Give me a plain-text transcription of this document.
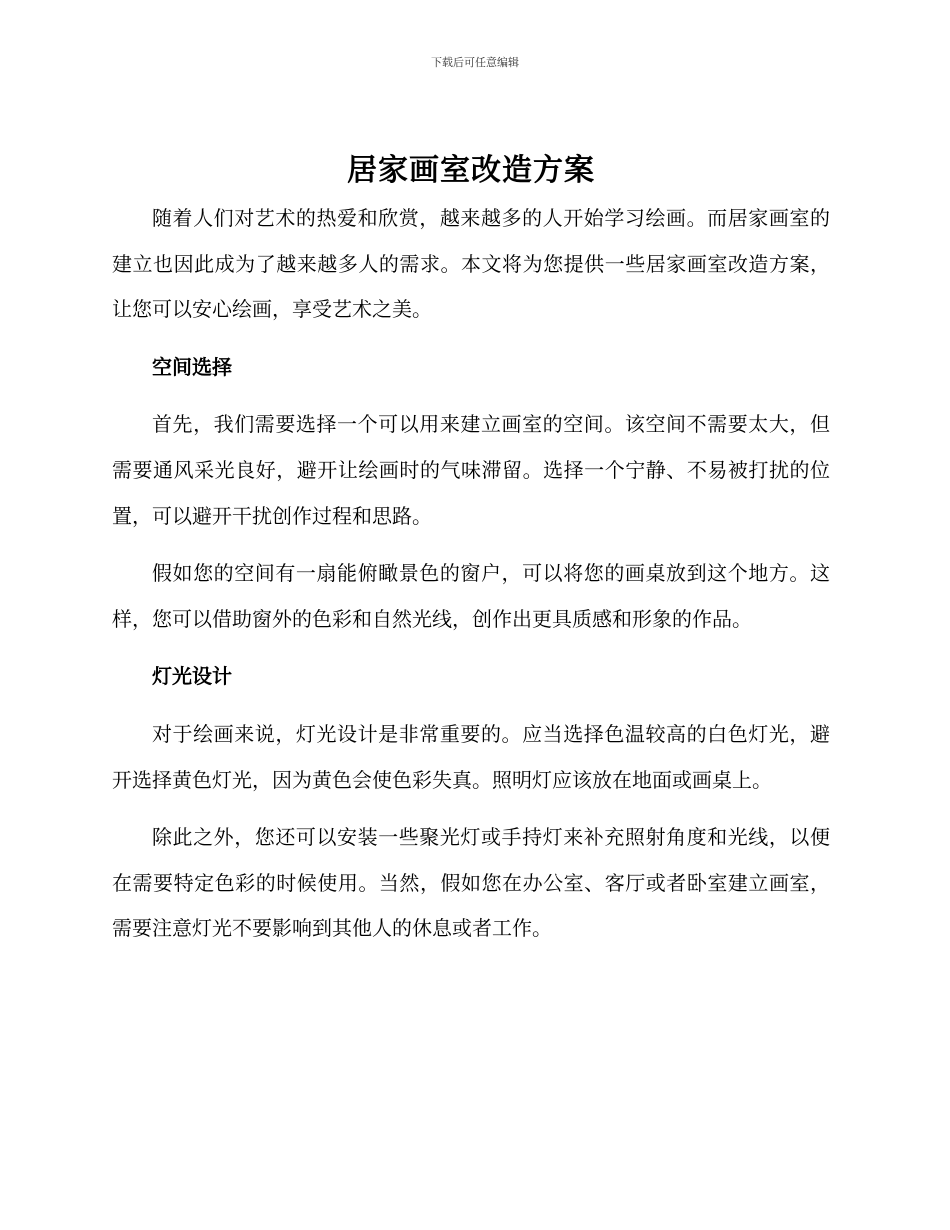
下载后可任意编辑
居家画室改造方案

随着人们对艺术的热爱和欣赏，越来越多的人开始学习绘画。而居家画室的建立也因此成为了越来越多人的需求。本文将为您提供一些居家画室改造方案，让您可以安心绘画，享受艺术之美。

空间选择

首先，我们需要选择一个可以用来建立画室的空间。该空间不需要太大，但需要通风采光良好，避开让绘画时的气味滞留。选择一个宁静、不易被打扰的位置，可以避开干扰创作过程和思路。

假如您的空间有一扇能俯瞰景色的窗户，可以将您的画桌放到这个地方。这样，您可以借助窗外的色彩和自然光线，创作出更具质感和形象的作品。

灯光设计

对于绘画来说，灯光设计是非常重要的。应当选择色温较高的白色灯光，避开选择黄色灯光，因为黄色会使色彩失真。照明灯应该放在地面或画桌上。

除此之外，您还可以安装一些聚光灯或手持灯来补充照射角度和光线，以便在需要特定色彩的时候使用。当然，假如您在办公室、客厅或者卧室建立画室，需要注意灯光不要影响到其他人的休息或者工作。
